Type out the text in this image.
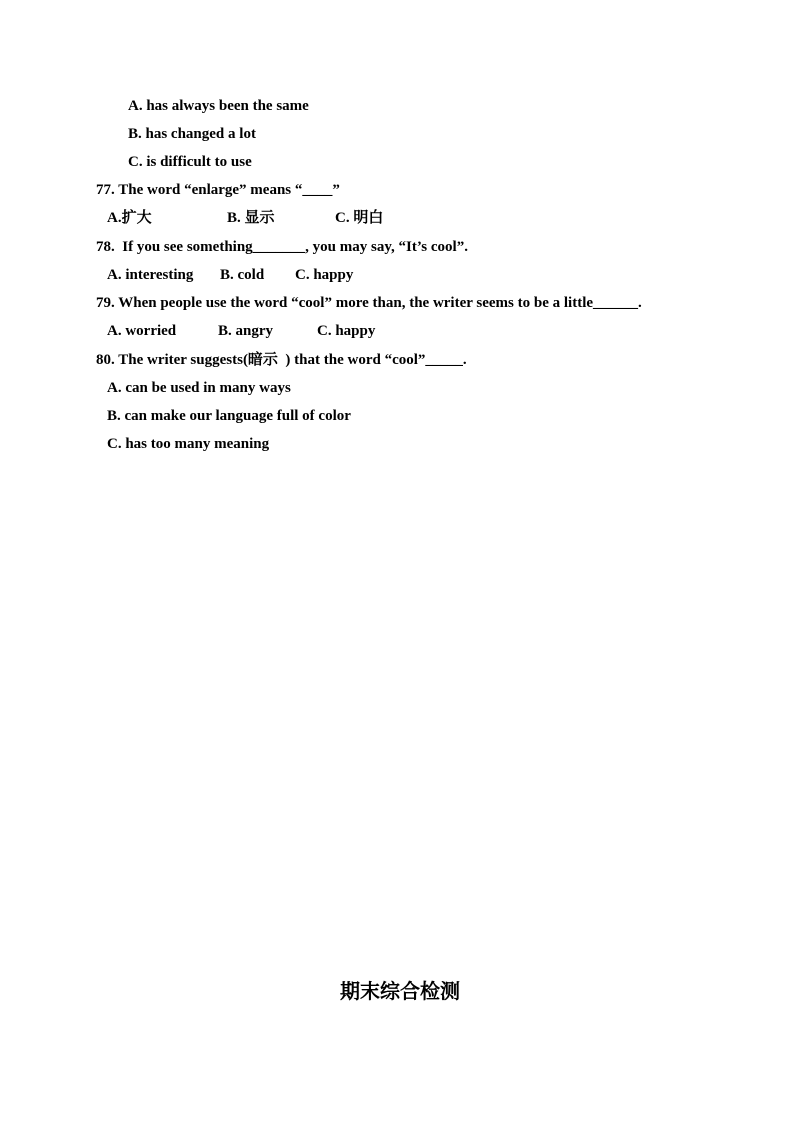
A. has always been the same
B. has changed a lot
C. is difficult to use
77. The word “enlarge” means “____”
A.扩大	B. 显示	C. 明白
78.  If you see something_______, you may say, “It’s cool”.
A. interesting B. cold C. happy
79. When people use the word “cool” more than, the writer seems to be a little______.
A. worried	B. angry	C. happy
80. The writer suggests(暗示  ) that the word “cool”_____.
A. can be used in many ways
B. can make our language full of color
C. has too many meaning
期末综合检测
